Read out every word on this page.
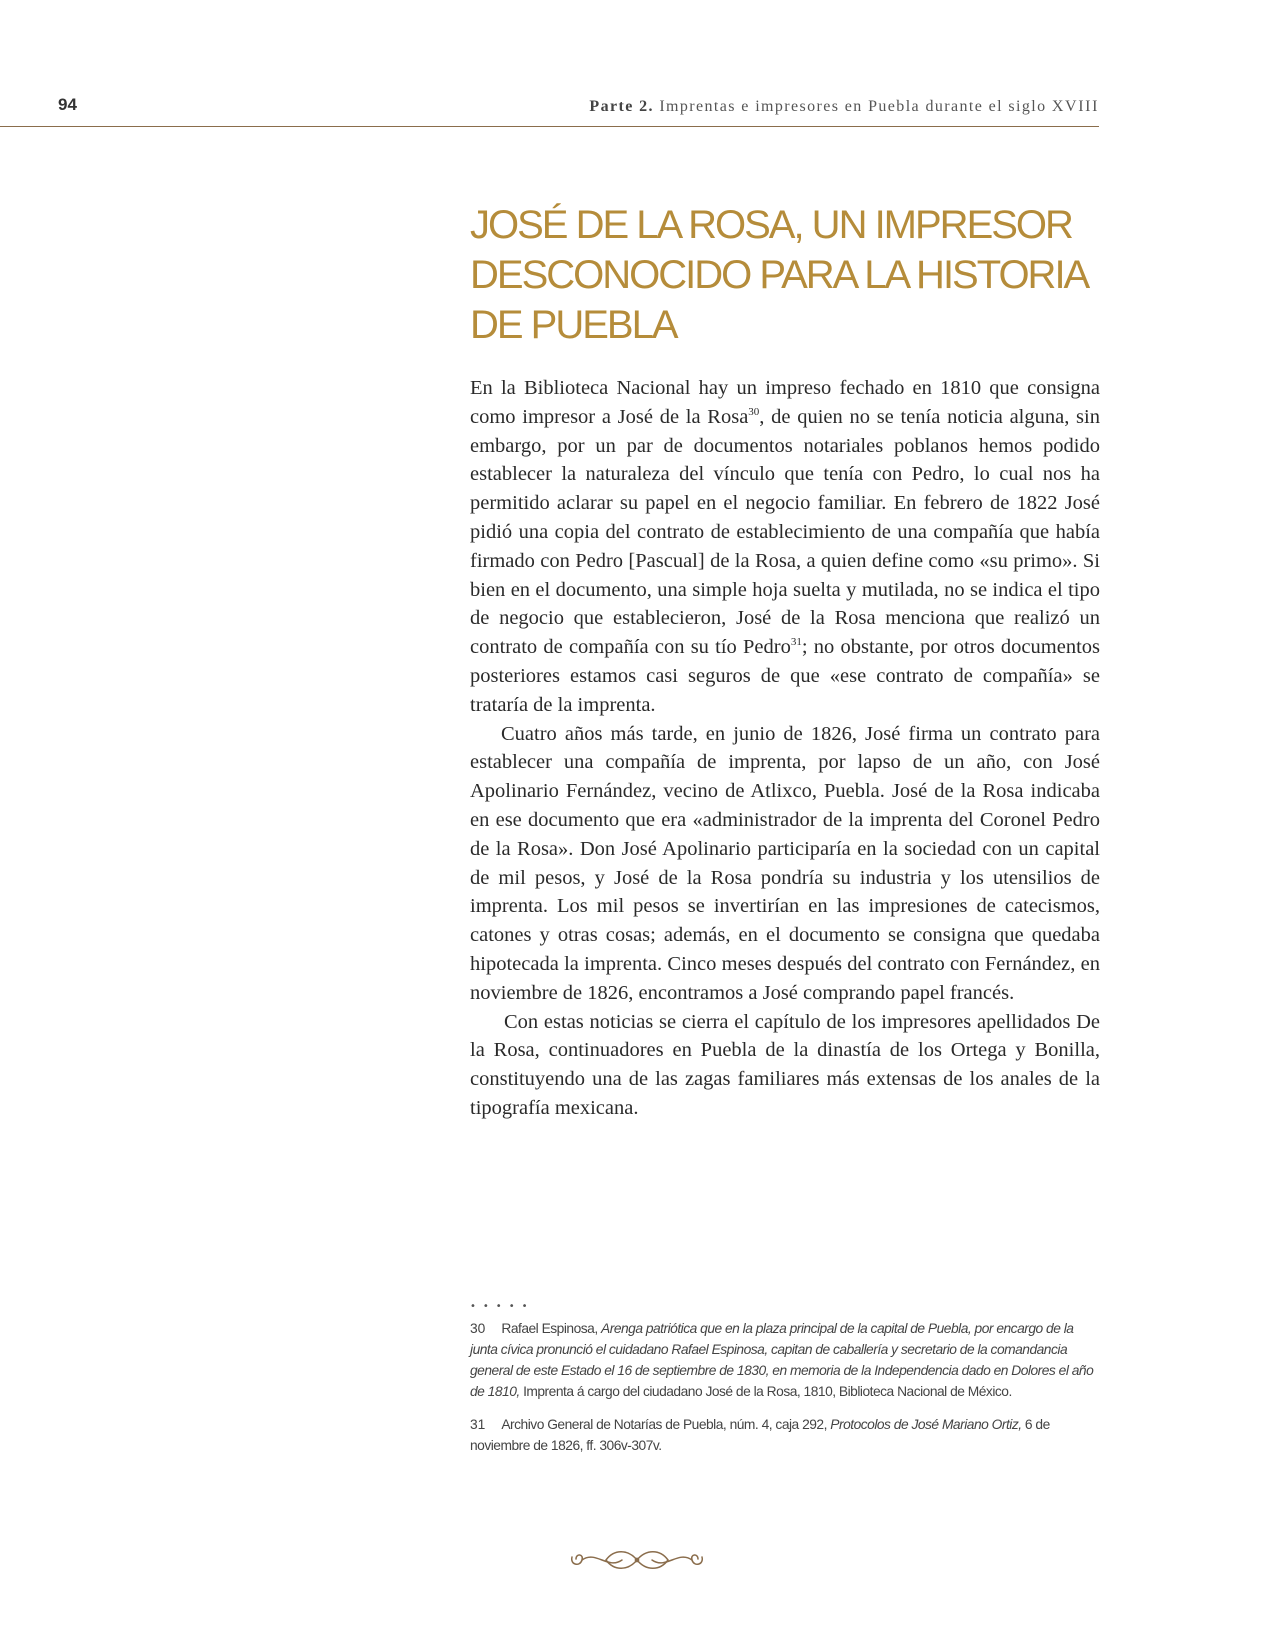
94	Parte 2. Imprentas e impresores en Puebla durante el siglo XVIII
JOSÉ DE LA ROSA, UN IMPRESOR
DESCONOCIDO PARA LA HISTORIA
DE PUEBLA

En la Biblioteca Nacional hay un impreso fechado en 1810 que consigna como impresor a José de la Rosa$^{30}$, de quien no se tenía noticia alguna, sin embargo, por un par de documentos notariales poblanos hemos podido establecer la naturaleza del vínculo que tenía con Pedro, lo cual nos ha permitido aclarar su papel en el negocio familiar. En febrero de 1822 José pidió una copia del contrato de establecimiento de una compañía que había firmado con Pedro [Pascual] de la Rosa, a quien define como «su primo». Si bien en el documento, una simple hoja suelta y mutilada, no se indica el tipo de negocio que establecieron, José de la Rosa menciona que realizó un contrato de compañía con su tío Pedro$^{31}$; no obstante, por otros documentos posteriores estamos casi seguros de que «ese contrato de compañía» se trataría de la imprenta.

Cuatro años más tarde, en junio de 1826, José firma un contrato para establecer una compañía de imprenta, por lapso de un año, con José Apolinario Fernández, vecino de Atlixco, Puebla. José de la Rosa indicaba en ese documento que era «administrador de la imprenta del Coronel Pedro de la Rosa». Don José Apolinario participaría en la sociedad con un capital de mil pesos, y José de la Rosa pondría su industria y los utensilios de imprenta. Los mil pesos se invertirían en las impresiones de catecismos, catones y otras cosas; además, en el documento se consigna que quedaba hipotecada la imprenta. Cinco meses después del contrato con Fernández, en noviembre de 1826, encontramos a José comprando papel francés.

Con estas noticias se cierra el capítulo de los impresores apellidados De la Rosa, continuadores en Puebla de la dinastía de los Ortega y Bonilla, constituyendo una de las zagas familiares más extensas de los anales de la tipografía mexicana.

•••••

30 Rafael Espinosa, Arenga patriótica que en la plaza principal de la capital de Puebla, por encargo de la junta cívica pronunció el cuidadano Rafael Espinosa, capitan de caballería y secretario de la comandancia general de este Estado el 16 de septiembre de 1830, en memoria de la Independencia dado en Dolores el año de 1810, Imprenta á cargo del ciudadano José de la Rosa, 1810, Biblioteca Nacional de México.

31 Archivo General de Notarías de Puebla, núm. 4, caja 292, Protocolos de José Mariano Ortiz, 6 de noviembre de 1826, ff. 306v-307v.
